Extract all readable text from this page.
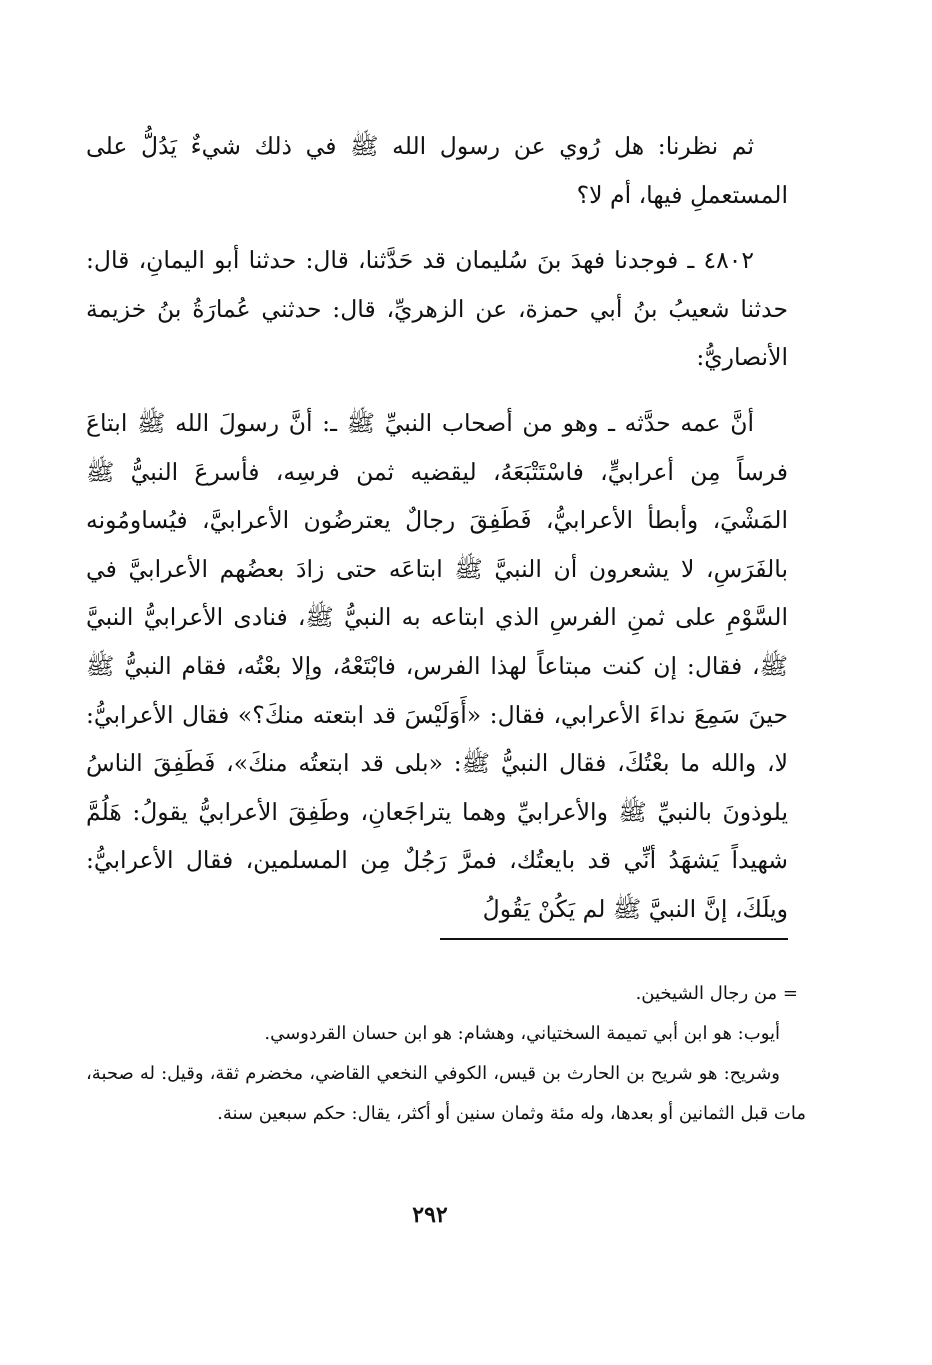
ثم نظرنا: هل رُوي عن رسول الله ﷺ في ذلك شيءٌ يَدُلُّ على المستعملِ فيها، أم لا؟

٤٨٠٢ ـ فوجدنا فهدَ بنَ سُليمان قد حَدَّثنا، قال: حدثنا أبو اليمانِ، قال: حدثنا شعيبُ بنُ أبي حمزة، عن الزهريِّ، قال: حدثني عُمارَةُ بنُ خزيمة الأنصاريُّ:

أنَّ عمه حدَّثه ـ وهو من أصحاب النبيِّ ﷺ ـ: أنَّ رسولَ الله ﷺ ابتاعَ فرساً مِن أعرابيٍّ، فاسْتَتْبَعَهُ، ليقضيه ثمن فرسِه، فأسرعَ النبيُّ ﷺ المَشْيَ، وأبطأ الأعرابيُّ، فَطَفِقَ رجالٌ يعترضُون الأعرابيَّ، فيُساومُونه بالفَرَسِ، لا يشعرون أن النبيَّ ﷺ ابتاعَه حتى زادَ بعضُهم الأعرابيَّ في السَّوْمِ على ثمنِ الفرسِ الذي ابتاعه به النبيُّ ﷺ، فنادى الأعرابيُّ النبيَّ ﷺ، فقال: إن كنت مبتاعاً لهذا الفرس، فابْتَعْهُ، وإلا بعْتُه، فقام النبيُّ ﷺ حينَ سَمِعَ نداءَ الأعرابي، فقال: «أَوَلَيْسَ قد ابتعته منكَ؟» فقال الأعرابيُّ: لا، والله ما بعْتُكَ، فقال النبيُّ ﷺ: «بلى قد ابتعتُه منكَ»، فَطَفِقَ الناسُ يلوذونَ بالنبيِّ ﷺ والأعرابيِّ وهما يتراجَعانِ، وطَفِقَ الأعرابيُّ يقولُ: هَلُمَّ شهيداً يَشهَدُ أنِّي قد بايعتُك، فمرَّ رَجُلٌ مِن المسلمين، فقال الأعرابيُّ: ويلَكَ، إنَّ النبيَّ ﷺ لم يَكُنْ يَقُولُ

= من رجال الشيخين.

أيوب: هو ابن أبي تميمة السختياني، وهشام: هو ابن حسان القردوسي.

وشريح: هو شريح بن الحارث بن قيس، الكوفي النخعي القاضي، مخضرم ثقة، وقيل: له صحبة، مات قبل الثمانين أو بعدها، وله مئة وثمان سنين أو أكثر، يقال: حكم سبعين سنة.

٢٩٢
